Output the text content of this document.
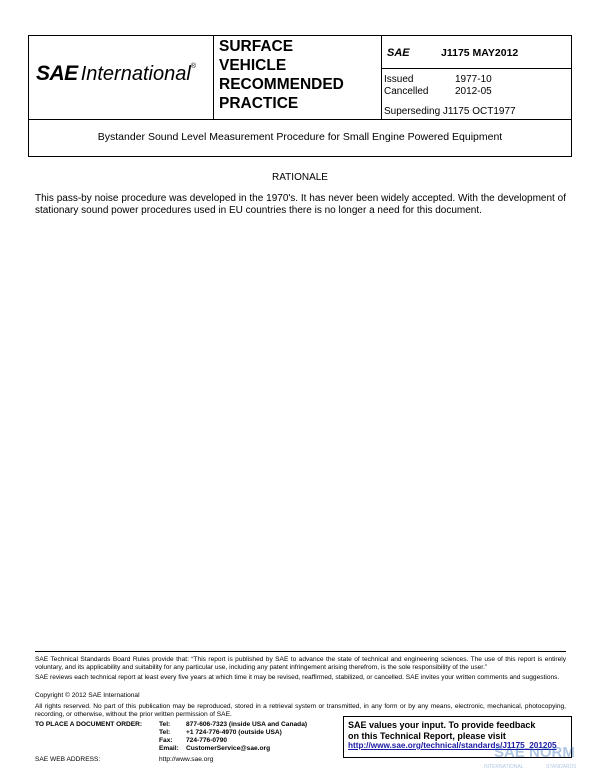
SAE International®
SURFACE
VEHICLE
RECOMMENDED
PRACTICE
SAE	J1175 MAY2012
Issued	1977-10
Cancelled	2012-05
Superseding J1175 OCT1977
Bystander Sound Level Measurement Procedure for Small Engine Powered Equipment
RATIONALE
This pass-by noise procedure was developed in the 1970's. It has never been widely accepted. With the development of stationary sound power procedures used in EU countries there is no longer a need for this document.
SAE Technical Standards Board Rules provide that: “This report is published by SAE to advance the state of technical and engineering sciences. The use of this report is entirely voluntary, and its applicability and suitability for any particular use, including any patent infringement arising therefrom, is the sole responsibility of the user.”
SAE reviews each technical report at least every five years at which time it may be revised, reaffirmed, stabilized, or cancelled. SAE invites your written comments and suggestions.
Copyright © 2012 SAE International
All rights reserved. No part of this publication may be reproduced, stored in a retrieval system or transmitted, in any form or by any means, electronic, mechanical, photocopying, recording, or otherwise, without the prior written permission of SAE.
TO PLACE A DOCUMENT ORDER:	Tel: 877-606-7323 (inside USA and Canada)
Tel: +1 724-776-4970 (outside USA)
Fax: 724-776-0790
Email: CustomerService@sae.org
SAE WEB ADDRESS:	http://www.sae.org
SAE values your input. To provide feedback
on this Technical Report, please visit
http://www.sae.org/technical/standards/J1175_201205
SAE NORM
INTERNATIONAL	STANDARDS
